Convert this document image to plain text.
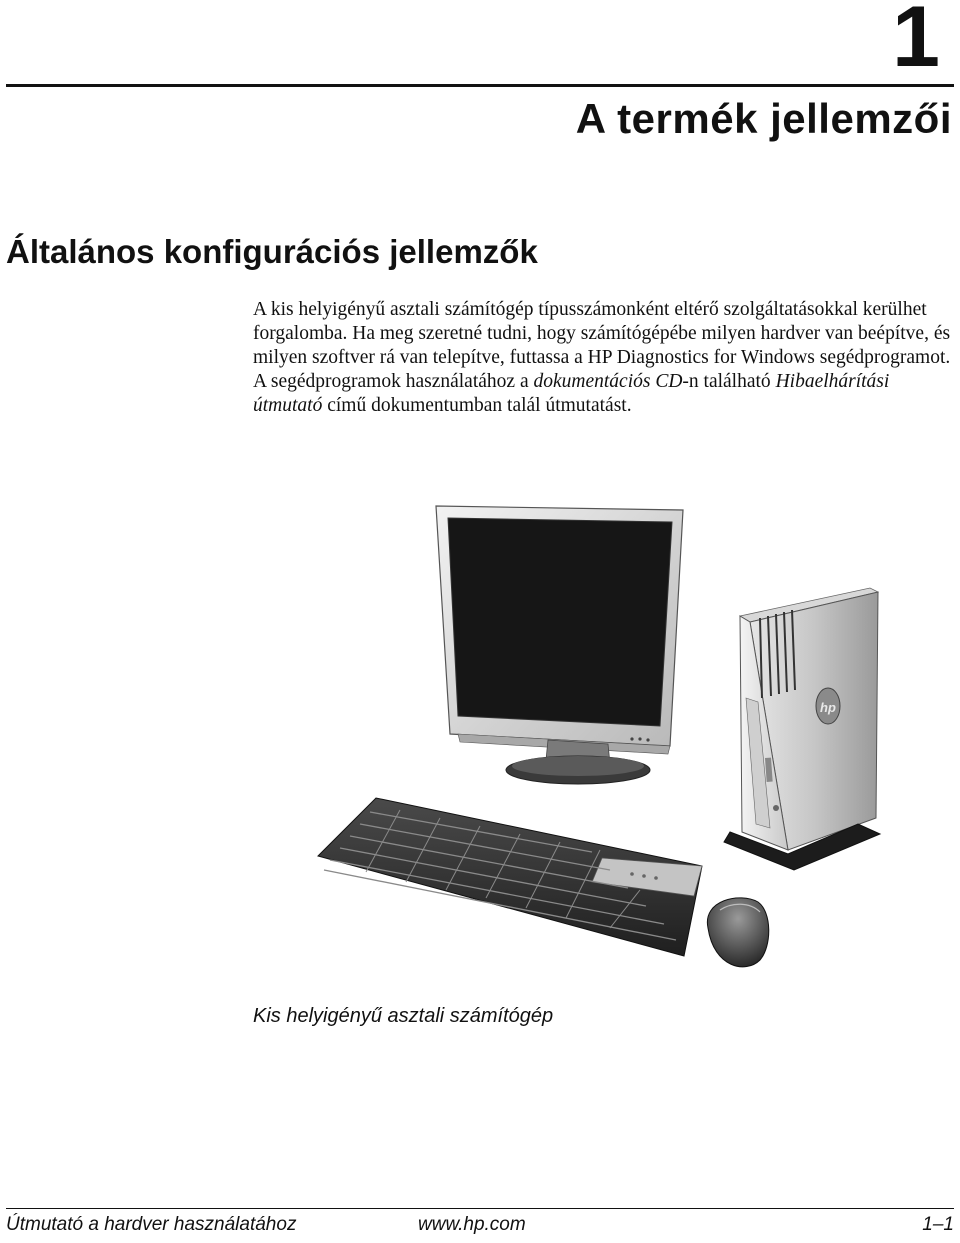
1
A termék jellemzői
Általános konfigurációs jellemzők

A kis helyigényű asztali számítógép típusszámonként eltérő szolgáltatásokkal kerülhet forgalomba. Ha meg szeretné tudni, hogy számítógépébe milyen hardver van beépítve, és milyen szoftver rá van telepítve, futtassa a HP Diagnostics for Windows segédprogramot. A segédprogramok használatához a dokumentációs CD-n található Hibaelhárítási útmutató című dokumentumban talál útmutatást.

hp

Kis helyigényű asztali számítógép

Útmutató a hardver használatához	www.hp.com	1–1
